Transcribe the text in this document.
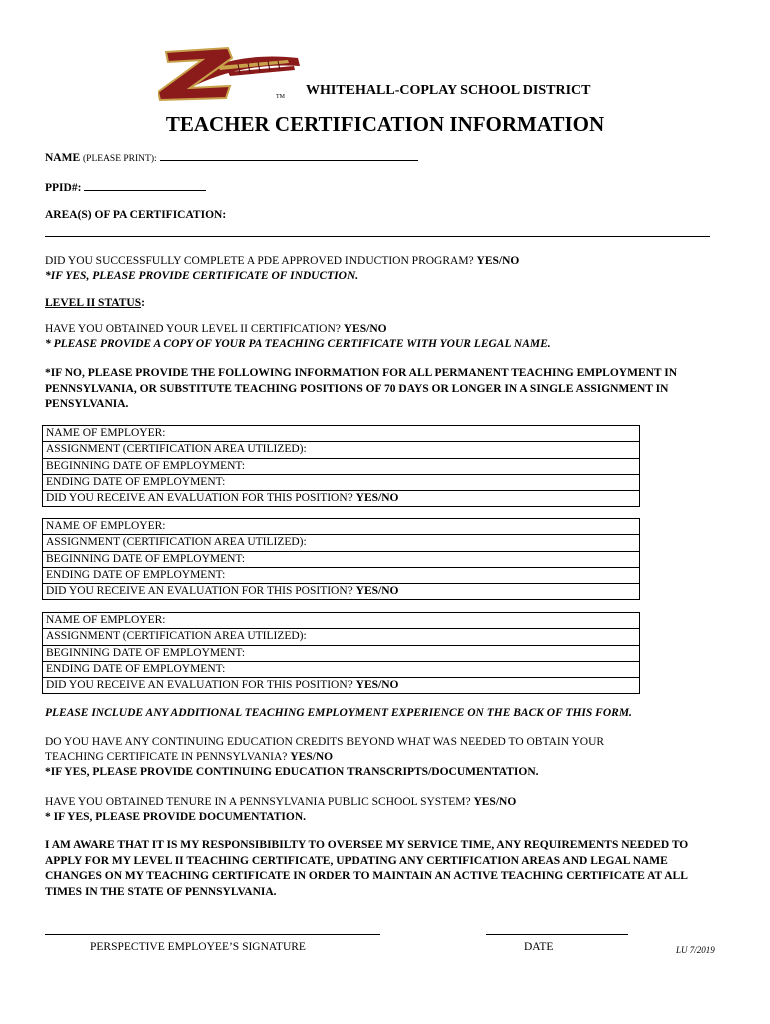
TM WHITEHALL-COPLAY SCHOOL DISTRICT
TEACHER CERTIFICATION INFORMATION
NAME (PLEASE PRINT):
PPID#:
AREA(S) OF PA CERTIFICATION:
DID YOU SUCCESSFULLY COMPLETE A PDE APPROVED INDUCTION PROGRAM? YES/NO
*IF YES, PLEASE PROVIDE CERTIFICATE OF INDUCTION.
LEVEL II STATUS:
HAVE YOU OBTAINED YOUR LEVEL II CERTIFICATION? YES/NO
* PLEASE PROVIDE A COPY OF YOUR PA TEACHING CERTIFICATE WITH YOUR LEGAL NAME.
*IF NO, PLEASE PROVIDE THE FOLLOWING INFORMATION FOR ALL PERMANENT TEACHING EMPLOYMENT IN PENNSYLVANIA, OR SUBSTITUTE TEACHING POSITIONS OF 70 DAYS OR LONGER IN A SINGLE ASSIGNMENT IN PENSYLVANIA.
NAME OF EMPLOYER:
ASSIGNMENT (CERTIFICATION AREA UTILIZED):
BEGINNING DATE OF EMPLOYMENT:
ENDING DATE OF EMPLOYMENT:
DID YOU RECEIVE AN EVALUATION FOR THIS POSITION? YES/NO
NAME OF EMPLOYER:
ASSIGNMENT (CERTIFICATION AREA UTILIZED):
BEGINNING DATE OF EMPLOYMENT:
ENDING DATE OF EMPLOYMENT:
DID YOU RECEIVE AN EVALUATION FOR THIS POSITION? YES/NO
NAME OF EMPLOYER:
ASSIGNMENT (CERTIFICATION AREA UTILIZED):
BEGINNING DATE OF EMPLOYMENT:
ENDING DATE OF EMPLOYMENT:
DID YOU RECEIVE AN EVALUATION FOR THIS POSITION? YES/NO
PLEASE INCLUDE ANY ADDITIONAL TEACHING EMPLOYMENT EXPERIENCE ON THE BACK OF THIS FORM.
DO YOU HAVE ANY CONTINUING EDUCATION CREDITS BEYOND WHAT WAS NEEDED TO OBTAIN YOUR
TEACHING CERTIFICATE IN PENNSYLVANIA? YES/NO
*IF YES, PLEASE PROVIDE CONTINUING EDUCATION TRANSCRIPTS/DOCUMENTATION.
HAVE YOU OBTAINED TENURE IN A PENNSYLVANIA PUBLIC SCHOOL SYSTEM? YES/NO
* IF YES, PLEASE PROVIDE DOCUMENTATION.
I AM AWARE THAT IT IS MY RESPONSIBIBILTY TO OVERSEE MY SERVICE TIME, ANY REQUIREMENTS NEEDED TO APPLY FOR MY LEVEL II TEACHING CERTIFICATE, UPDATING ANY CERTIFICATION AREAS AND LEGAL NAME CHANGES ON MY TEACHING CERTIFICATE IN ORDER TO MAINTAIN AN ACTIVE TEACHING CERTIFICATE AT ALL TIMES IN THE STATE OF PENNSYLVANIA.
PERSPECTIVE EMPLOYEE’S SIGNATURE	DATE	LU 7/2019
